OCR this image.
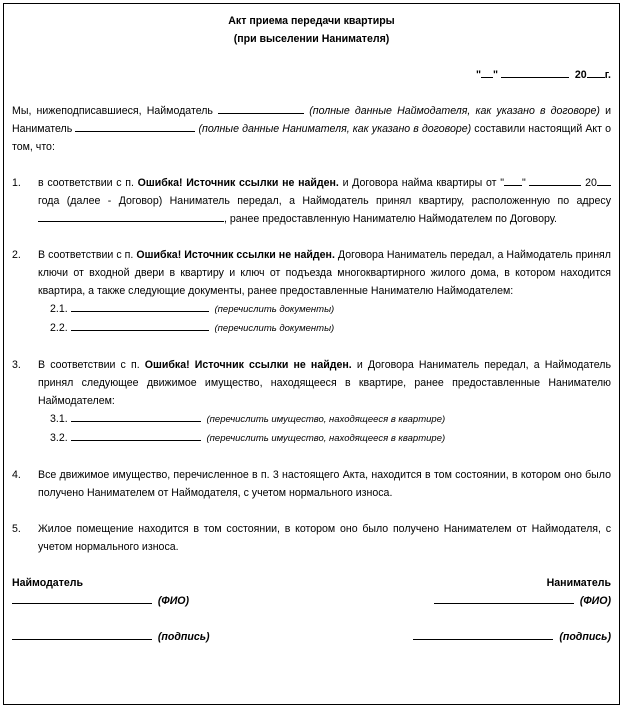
Акт приема передачи квартиры
(при выселении Нанимателя)
" "	20 г.
Мы, нижеподписавшиеся, Наймодатель	(полные данные Наймодателя, как указано в договоре) и Наниматель	(полные данные Нанимателя, как указано в договоре) составили настоящий Акт о том, что:
1. в соответствии с п. Ошибка! Источник ссылки не найден. и Договора найма квартиры от " "	20года (далее - Договор) Наниматель передал, а Наймодатель принял квартиру, расположенную по адресу , ранее предоставленную Нанимателю Наймодателем по Договору.
2. В соответствии с п. Ошибка! Источник ссылки не найден. Договора Наниматель передал, а Наймодатель принял ключи от входной двери в квартиру и ключ от подъезда многоквартирного жилого дома, в котором находится квартира, а также следующие документы, ранее предоставленные Нанимателю Наймодателем:
2.1.	(перечислить документы)
2.2.	(перечислить документы)
3. В соответствии с п. Ошибка! Источник ссылки не найден. и Договора Наниматель передал, а Наймодатель принял следующее движимое имущество, находящееся в квартире, ранее предоставленные Нанимателю Наймодателем:
3.1.	(перечислить имущество, находящееся в квартире)
3.2.	(перечислить имущество, находящееся в квартире)
4. Все движимое имущество, перечисленное в п. 3 настоящего Акта, находится в том состоянии, в котором оно было получено Нанимателем от Наймодателя, с учетом нормального износа.
5. Жилое помещение находится в том состоянии, в котором оно было получено Нанимателем от Наймодателя, с учетом нормального износа.
Наймодатель	Наниматель
(ФИО)	(ФИО)
(подпись)	(подпись)
